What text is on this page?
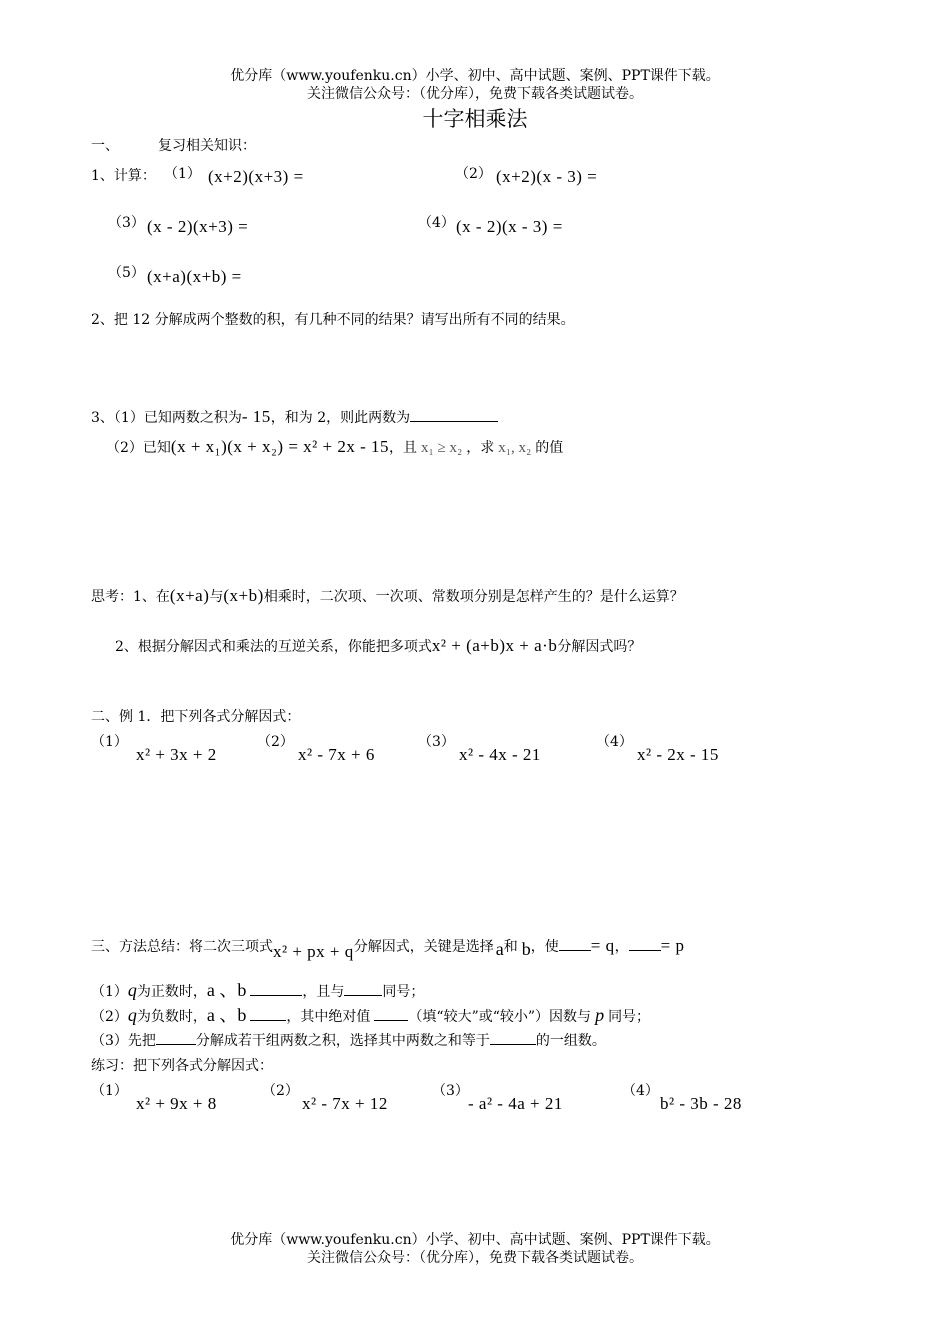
优分库（www.youfenku.cn）小学、初中、高中试题、案例、PPT课件下载。
关注微信公众号：（优分库），免费下载各类试题试卷。
十字相乘法
一、	复习相关知识：
1、计算： （1） (x+2)(x+3) =	（2） (x+2)(x - 3) =
（3） (x - 2)(x+3) =	（4） (x - 2)(x - 3) =
（5） (x+a)(x+b) =
2、把 12 分解成两个整数的积，有几种不同的结果？请写出所有不同的结果。
3、（1）已知两数之积为- 15，和为 2，则此两数为
（2）已知(x + x₁)(x + x₂) = x² + 2x - 15，且 x₁ ≥ x₂ ，求 x₁, x₂ 的值
思考：1、在(x+a)与(x+b)相乘时，二次项、一次项、常数项分别是怎样产生的？是什么运算？
2、根据分解因式和乘法的互逆关系，你能把多项式x² + (a+b)x + a·b分解因式吗？
二、例 1．把下列各式分解因式：
（1）
x² + 3x + 2
（2）
x² - 7x + 6
（3）
x² - 4x - 21
（4）
x² - 2x - 15
三、方法总结：将二次三项式x² + px + q分解因式，关键是选择 a和 b，使 = q， = p
（1）q为正数时，a 、b	，且与	同号；
（2）q为负数时，a 、b	，其中绝对值	（填“较大”或“较小”）因数与 p 同号；
（3）先把	分解成若干组两数之积，选择其中两数之和等于	的一组数。
练习：把下列各式分解因式：
（1）
x² + 9x + 8
（2）
x² - 7x + 12
（3）
- a² - 4a + 21
（4）
b² - 3b - 28
优分库（www.youfenku.cn）小学、初中、高中试题、案例、PPT课件下载。
关注微信公众号：（优分库），免费下载各类试题试卷。
